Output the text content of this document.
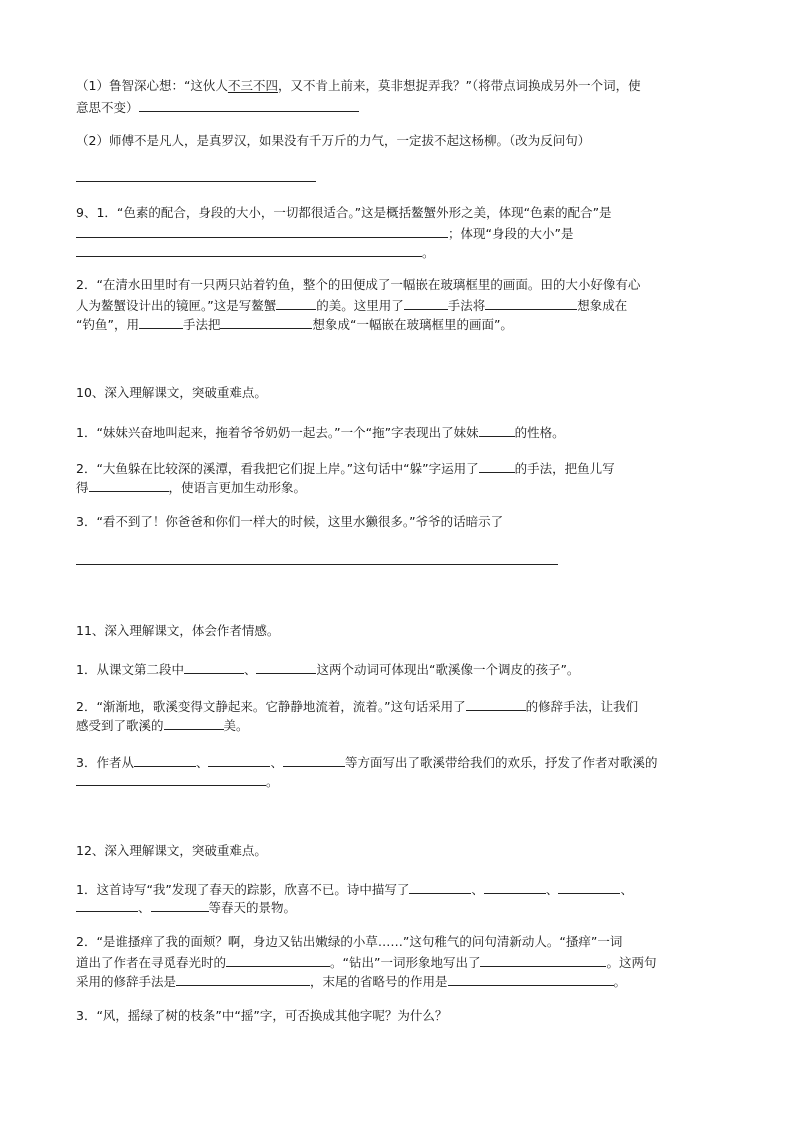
（1）鲁智深心想：“这伙人不三不四，又不肯上前来，莫非想捉弄我？”（将带点词换成另外一个词，使
意思不变）
（2）师傅不是凡人，是真罗汉，如果没有千万斤的力气，一定拔不起这杨柳。（改为反问句）
9、1．“色素的配合，身段的大小，一切都很适合。”这是概括鳌蟹外形之美，体现“色素的配合”是
；体现“身段的大小”是
。
2．“在清水田里时有一只两只站着钓鱼，整个的田便成了一幅嵌在玻璃框里的画面。田的大小好像有心
人为鳌蟹设计出的镜匣。”这是写鳌蟹	的美。这里用了	手法将	想象成在
“钓鱼”，用	手法把	想象成“一幅嵌在玻璃框里的画面”。
10、深入理解课文，突破重难点。
1．“妹妹兴奋地叫起来，拖着爷爷奶奶一起去。”一个“拖”字表现出了妹妹	的性格。
2．“大鱼躲在比较深的溪潭，看我把它们捉上岸。”这句话中“躲”字运用了	的手法，把鱼儿写
得	，使语言更加生动形象。
3．“看不到了！你爸爸和你们一样大的时候，这里水獭很多。”爷爷的话暗示了
11、深入理解课文，体会作者情感。
1．从课文第二段中	、	这两个动词可体现出“歌溪像一个调皮的孩子”。
2．“渐渐地，歌溪变得文静起来。它静静地流着，流着。”这句话采用了	的修辞手法，让我们
感受到了歌溪的	美。
3．作者从	、	、	等方面写出了歌溪带给我们的欢乐，抒发了作者对歌溪的
。
12、深入理解课文，突破重难点。
1．这首诗写“我”发现了春天的踪影，欣喜不已。诗中描写了	、	、	、
、	等春天的景物。
2．“是谁搔痒了我的面颊？啊，身边又钻出嫩绿的小草……”这句稚气的问句清新动人。“搔痒”一词
道出了作者在寻觅春光时的	。“钻出”一词形象地写出了	。这两句
采用的修辞手法是	，末尾的省略号的作用是	。
3．“风，摇绿了树的枝条”中“摇”字，可否换成其他字呢？为什么？
